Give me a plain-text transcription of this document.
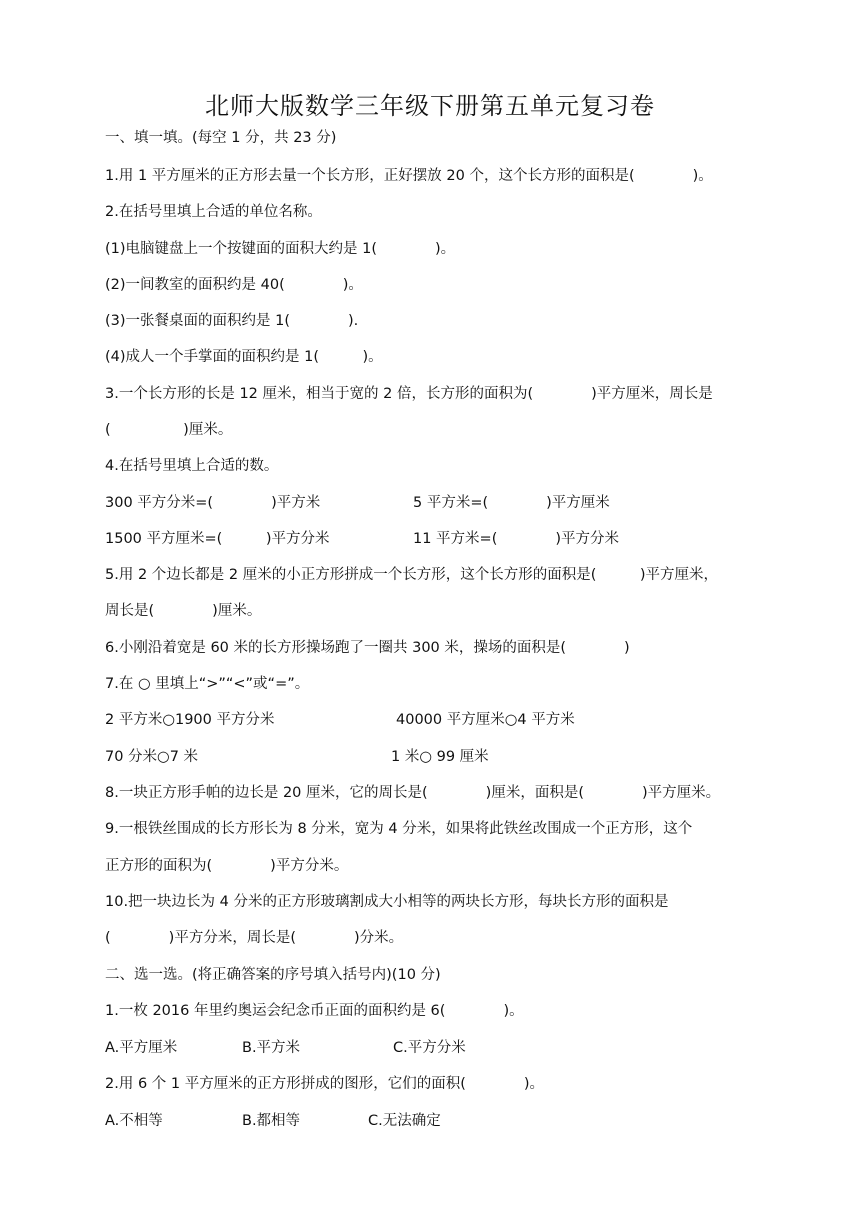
北师大版数学三年级下册第五单元复习卷
一、填一填。(每空 1 分，共 23 分)
1.用 1 平方厘米的正方形去量一个长方形，正好摆放 20 个，这个长方形的面积是(　　　　)。
2.在括号里填上合适的单位名称。
(1)电脑键盘上一个按键面的面积大约是 1(　　　　)。
(2)一间教室的面积约是 40(　　　　)。
(3)一张餐桌面的面积约是 1(　　　　).
(4)成人一个手掌面的面积约是 1(　　　)。
3.一个长方形的长是 12 厘米，相当于宽的 2 倍，长方形的面积为(　　　　)平方厘米，周长是
(　　　　　)厘米。
4.在括号里填上合适的数。
300 平方分米=(　　　　)平方米	5 平方米=(　　　　)平方厘米
1500 平方厘米=(　　　)平方分米	11 平方米=(　　　　)平方分米
5.用 2 个边长都是 2 厘米的小正方形拼成一个长方形，这个长方形的面积是(　　　)平方厘米，
周长是(　　　　)厘米。
6.小刚沿着宽是 60 米的长方形操场跑了一圈共 300 米，操场的面积是(　　　　)
7.在 ○ 里填上“>”“<”或“=”。
2 平方米○1900 平方分米	40000 平方厘米○4 平方米
70 分米○7 米	1 米○ 99 厘米
8.一块正方形手帕的边长是 20 厘米，它的周长是(　　　　)厘米，面积是(　　　　)平方厘米。
9.一根铁丝围成的长方形长为 8 分米，宽为 4 分米，如果将此铁丝改围成一个正方形，这个
正方形的面积为(　　　　)平方分米。
10.把一块边长为 4 分米的正方形玻璃割成大小相等的两块长方形，每块长方形的面积是
(　　　　)平方分米，周长是(　　　　)分米。
二、选一选。(将正确答案的序号填入括号内)(10 分)
1.一枚 2016 年里约奥运会纪念币正面的面积约是 6(　　　　)。
A.平方厘米	B.平方米	C.平方分米
2.用 6 个 1 平方厘米的正方形拼成的图形，它们的面积(　　　　)。
A.不相等	B.都相等	C.无法确定
